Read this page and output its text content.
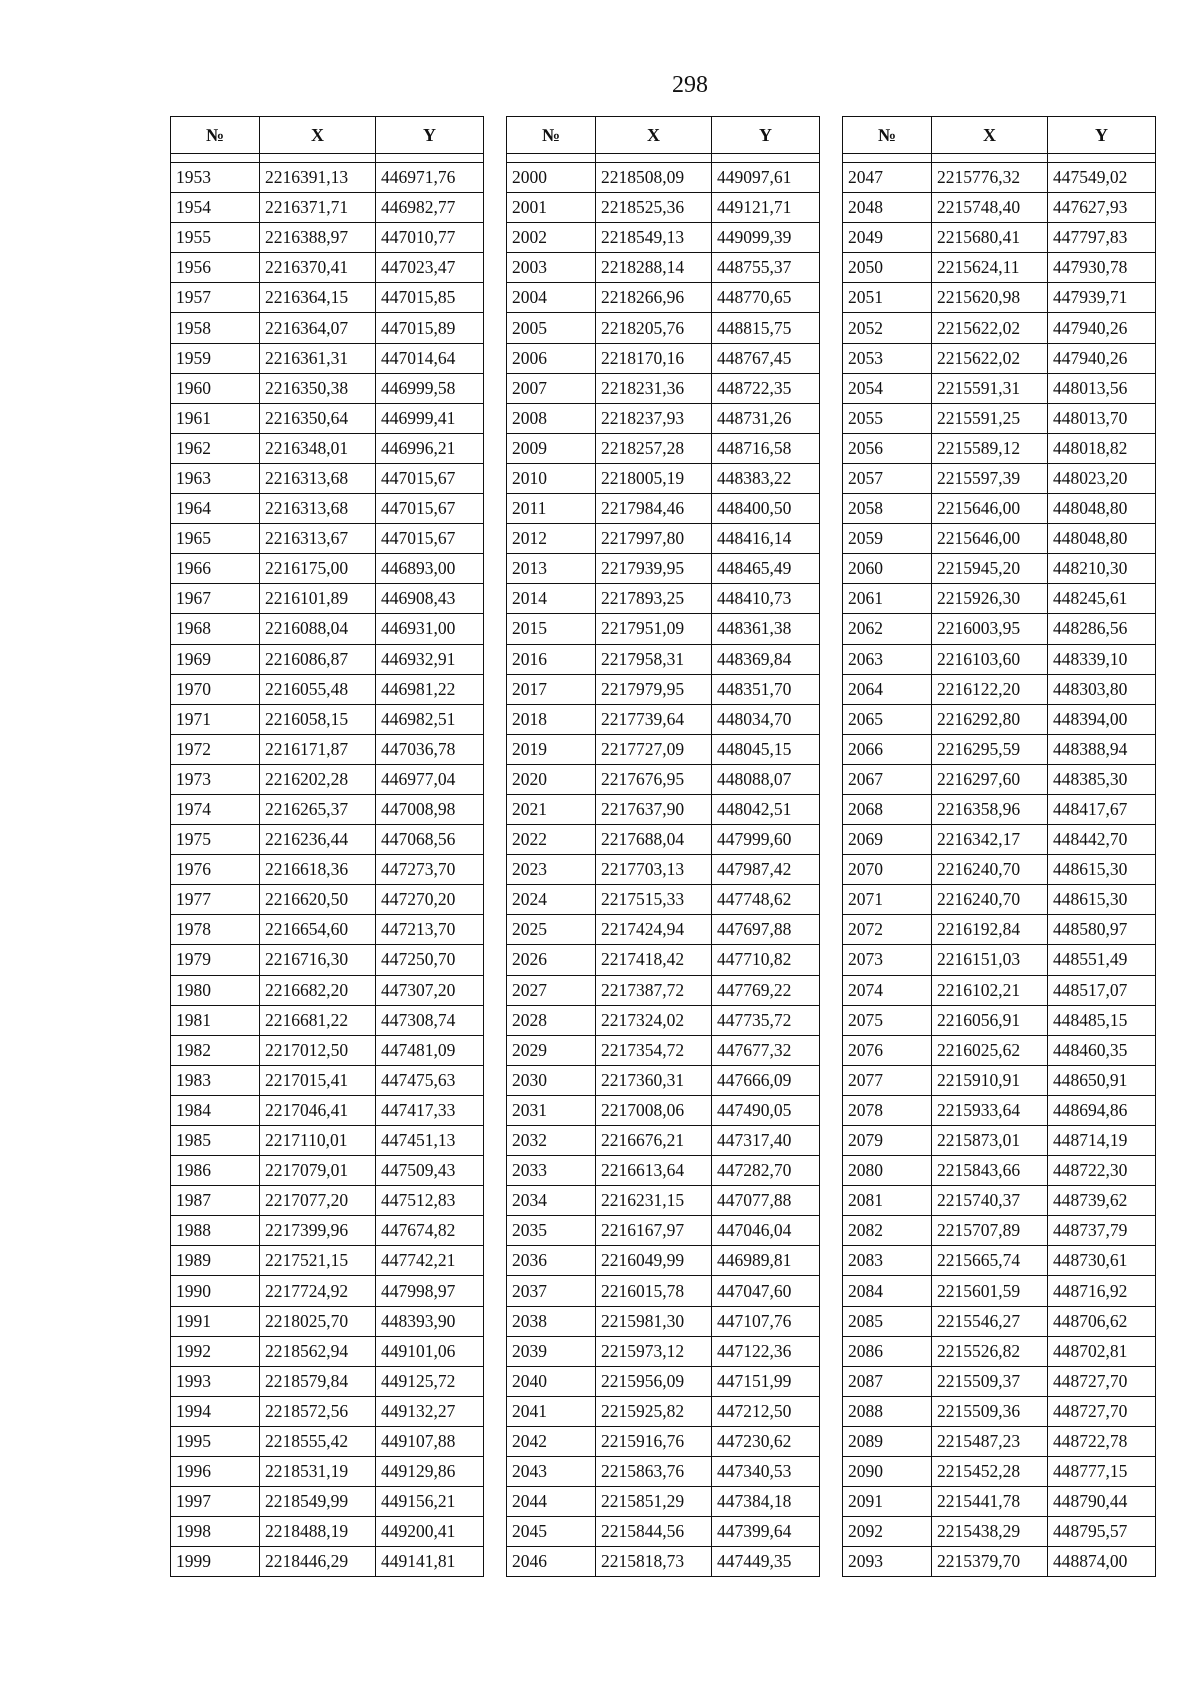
298
№	X	Y

1953	2216391,13	446971,76
1954	2216371,71	446982,77
1955	2216388,97	447010,77
1956	2216370,41	447023,47
1957	2216364,15	447015,85
1958	2216364,07	447015,89
1959	2216361,31	447014,64
1960	2216350,38	446999,58
1961	2216350,64	446999,41
1962	2216348,01	446996,21
1963	2216313,68	447015,67
1964	2216313,68	447015,67
1965	2216313,67	447015,67
1966	2216175,00	446893,00
1967	2216101,89	446908,43
1968	2216088,04	446931,00
1969	2216086,87	446932,91
1970	2216055,48	446981,22
1971	2216058,15	446982,51
1972	2216171,87	447036,78
1973	2216202,28	446977,04
1974	2216265,37	447008,98
1975	2216236,44	447068,56
1976	2216618,36	447273,70
1977	2216620,50	447270,20
1978	2216654,60	447213,70
1979	2216716,30	447250,70
1980	2216682,20	447307,20
1981	2216681,22	447308,74
1982	2217012,50	447481,09
1983	2217015,41	447475,63
1984	2217046,41	447417,33
1985	2217110,01	447451,13
1986	2217079,01	447509,43
1987	2217077,20	447512,83
1988	2217399,96	447674,82
1989	2217521,15	447742,21
1990	2217724,92	447998,97
1991	2218025,70	448393,90
1992	2218562,94	449101,06
1993	2218579,84	449125,72
1994	2218572,56	449132,27
1995	2218555,42	449107,88
1996	2218531,19	449129,86
1997	2218549,99	449156,21
1998	2218488,19	449200,41
1999	2218446,29	449141,81
№	X	Y

2000	2218508,09	449097,61
2001	2218525,36	449121,71
2002	2218549,13	449099,39
2003	2218288,14	448755,37
2004	2218266,96	448770,65
2005	2218205,76	448815,75
2006	2218170,16	448767,45
2007	2218231,36	448722,35
2008	2218237,93	448731,26
2009	2218257,28	448716,58
2010	2218005,19	448383,22
2011	2217984,46	448400,50
2012	2217997,80	448416,14
2013	2217939,95	448465,49
2014	2217893,25	448410,73
2015	2217951,09	448361,38
2016	2217958,31	448369,84
2017	2217979,95	448351,70
2018	2217739,64	448034,70
2019	2217727,09	448045,15
2020	2217676,95	448088,07
2021	2217637,90	448042,51
2022	2217688,04	447999,60
2023	2217703,13	447987,42
2024	2217515,33	447748,62
2025	2217424,94	447697,88
2026	2217418,42	447710,82
2027	2217387,72	447769,22
2028	2217324,02	447735,72
2029	2217354,72	447677,32
2030	2217360,31	447666,09
2031	2217008,06	447490,05
2032	2216676,21	447317,40
2033	2216613,64	447282,70
2034	2216231,15	447077,88
2035	2216167,97	447046,04
2036	2216049,99	446989,81
2037	2216015,78	447047,60
2038	2215981,30	447107,76
2039	2215973,12	447122,36
2040	2215956,09	447151,99
2041	2215925,82	447212,50
2042	2215916,76	447230,62
2043	2215863,76	447340,53
2044	2215851,29	447384,18
2045	2215844,56	447399,64
2046	2215818,73	447449,35
№	X	Y

2047	2215776,32	447549,02
2048	2215748,40	447627,93
2049	2215680,41	447797,83
2050	2215624,11	447930,78
2051	2215620,98	447939,71
2052	2215622,02	447940,26
2053	2215622,02	447940,26
2054	2215591,31	448013,56
2055	2215591,25	448013,70
2056	2215589,12	448018,82
2057	2215597,39	448023,20
2058	2215646,00	448048,80
2059	2215646,00	448048,80
2060	2215945,20	448210,30
2061	2215926,30	448245,61
2062	2216003,95	448286,56
2063	2216103,60	448339,10
2064	2216122,20	448303,80
2065	2216292,80	448394,00
2066	2216295,59	448388,94
2067	2216297,60	448385,30
2068	2216358,96	448417,67
2069	2216342,17	448442,70
2070	2216240,70	448615,30
2071	2216240,70	448615,30
2072	2216192,84	448580,97
2073	2216151,03	448551,49
2074	2216102,21	448517,07
2075	2216056,91	448485,15
2076	2216025,62	448460,35
2077	2215910,91	448650,91
2078	2215933,64	448694,86
2079	2215873,01	448714,19
2080	2215843,66	448722,30
2081	2215740,37	448739,62
2082	2215707,89	448737,79
2083	2215665,74	448730,61
2084	2215601,59	448716,92
2085	2215546,27	448706,62
2086	2215526,82	448702,81
2087	2215509,37	448727,70
2088	2215509,36	448727,70
2089	2215487,23	448722,78
2090	2215452,28	448777,15
2091	2215441,78	448790,44
2092	2215438,29	448795,57
2093	2215379,70	448874,00
